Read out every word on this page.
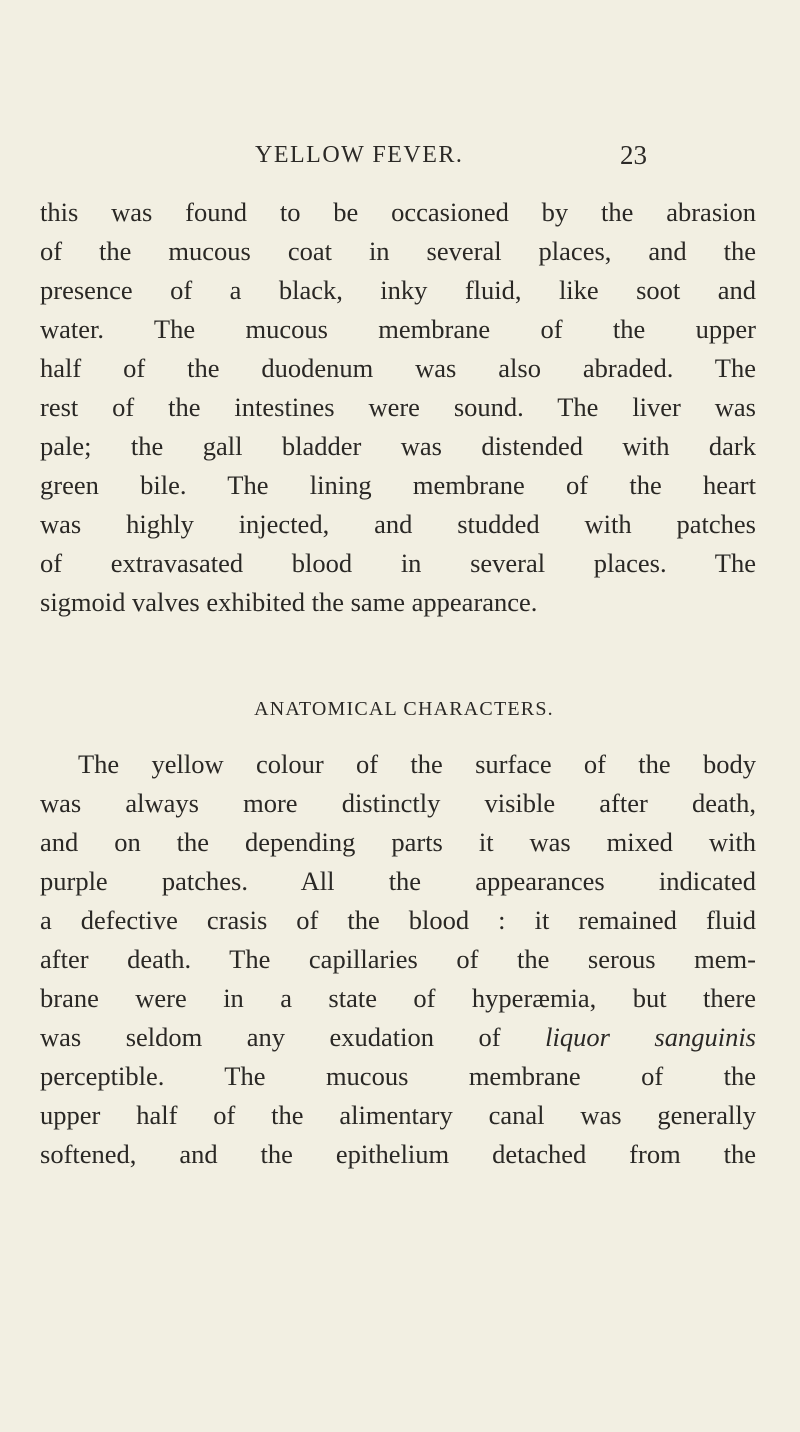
YELLOW FEVER.	23
this was found to be occasioned by the abrasion
of the mucous coat in several places, and the
presence of a black, inky fluid, like soot and
water. The mucous membrane of the upper
half of the duodenum was also abraded. The
rest of the intestines were sound. The liver was
pale; the gall bladder was distended with dark
green bile. The lining membrane of the heart
was highly injected, and studded with patches
of extravasated blood in several places. The
sigmoid valves exhibited the same appearance.
ANATOMICAL CHARACTERS.
The yellow colour of the surface of the body
was always more distinctly visible after death,
and on the depending parts it was mixed with
purple patches. All the appearances indicated
a defective crasis of the blood : it remained fluid
after death. The capillaries of the serous mem-
brane were in a state of hyperæmia, but there
was seldom any exudation of liquor sanguinis
perceptible. The mucous membrane of the
upper half of the alimentary canal was generally
softened, and the epithelium detached from the
